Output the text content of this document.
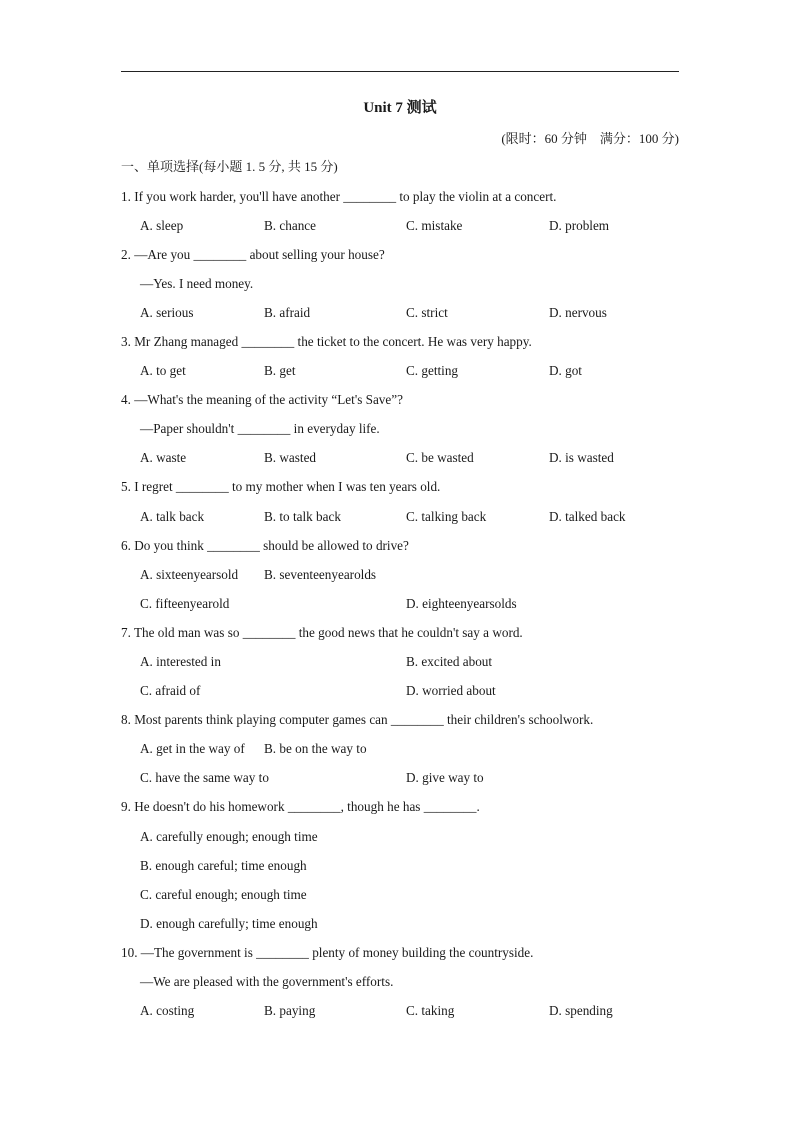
Unit 7 测试
(限时：60 分钟    满分：100 分)
一、单项选择(每小题 1. 5 分, 共 15 分)
1. If you work harder, you'll have another ________ to play the violin at a concert.
A. sleep	B. chance	C. mistake	D. problem
2. —Are you ________ about selling your house?
—Yes. I need money.
A. serious	B. afraid	C. strict	D. nervous
3. Mr Zhang managed ________ the ticket to the concert. He was very happy.
A. to get	B. get	C. getting	D. got
4. —What's the meaning of the activity “Let's Save”?
—Paper shouldn't ________ in everyday life.
A. waste	B. wasted	C. be wasted	D. is wasted
5. I regret ________ to my mother when I was ten years old.
A. talk back	B. to talk back	C. talking back	D. talked back
6. Do you think ________ should be allowed to drive?
A. sixteenyearsold B. seventeenyearolds
C. fifteenyearold	D. eighteenyearsolds
7. The old man was so ________ the good news that he couldn't say a word.
A. interested in	B. excited about
C. afraid of	D. worried about
8. Most parents think playing computer games can ________ their children's schoolwork.
A. get in the way of B. be on the way to
C. have the same way to	D. give way to
9. He doesn't do his homework ________, though he has ________.
A. carefully enough; enough time
B. enough careful; time enough
C. careful enough; enough time
D. enough carefully; time enough
10. —The government is ________ plenty of money building the countryside.
—We are pleased with the government's efforts.
A. costing	B. paying	C. taking	D. spending
